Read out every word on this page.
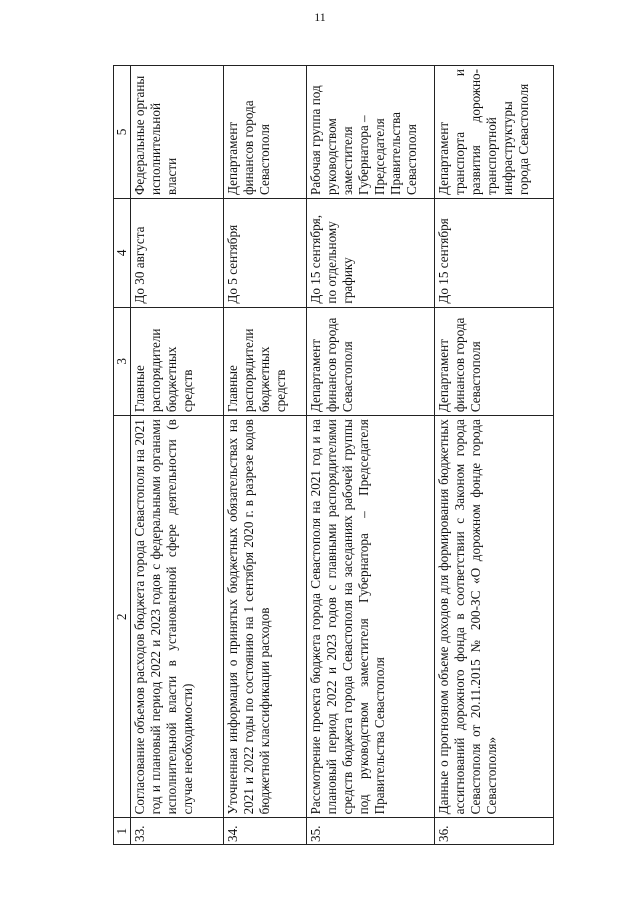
11
1	2	3	4	5
33.	Согласование объемов расходов бюджета города Севастополя на 2021 год и плановый период 2022 и 2023 годов с федеральными органами исполнительной власти в установленной сфере деятельности (в случае необходимости)	Главные распорядители бюджетных средств	До 30 августа	Федеральные органы исполнительной власти
34.	Уточненная информация о принятых бюджетных обязательствах на 2021 и 2022 годы по состоянию на 1 сентября 2020 г. в разрезе кодов бюджетной классификации расходов	Главные распорядители бюджетных средств	До 5 сентября	Департамент финансов города Севастополя
35.	Рассмотрение проекта бюджета города Севастополя на 2021 год и на плановый период 2022 и 2023 годов с главными распорядителями средств бюджета города Севастополя на заседаниях рабочей группы под руководством заместителя Губернатора – Председателя Правительства Севастополя	Департамент финансов города Севастополя	До 15 сентября, по отдельному графику	Рабочая группа под руководством заместителя Губернатора – Председателя Правительства Севастополя
36.	Данные о прогнозном объеме доходов для формирования бюджетных ассигнований дорожного фонда в соответствии с Законом города Севастополя от 20.11.2015 № 200-ЗС «О дорожном фонде города Севастополя»	Департамент финансов города Севастополя	До 15 сентября	Департамент транспорта и развития дорожно-транспортной инфраструктуры города Севастополя
